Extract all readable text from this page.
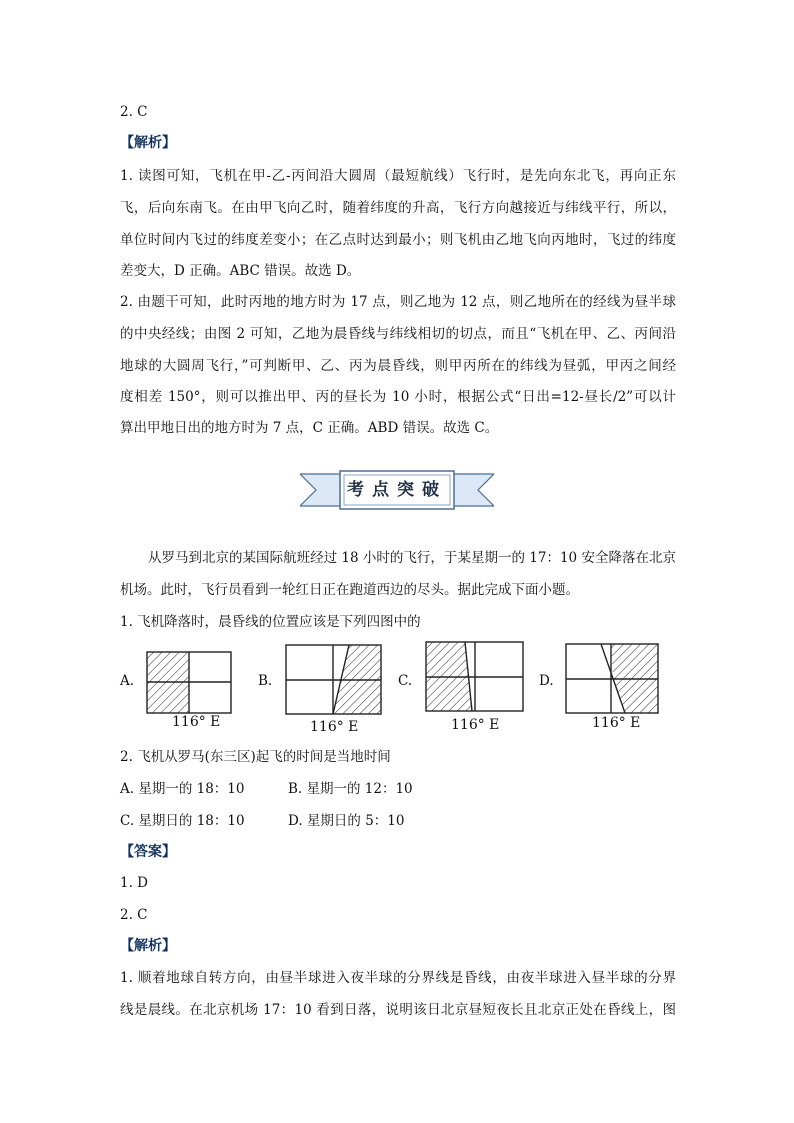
2. C

【解析】

1. 读图可知，飞机在甲-乙-丙间沿大圆周（最短航线）飞行时，是先向东北飞，再向正东

飞，后向东南飞。在由甲飞向乙时，随着纬度的升高，飞行方向越接近与纬线平行，所以，

单位时间内飞过的纬度差变小；在乙点时达到最小；则飞机由乙地飞向丙地时，飞过的纬度

差变大，D 正确。ABC 错误。故选 D。

2. 由题干可知，此时丙地的地方时为 17 点，则乙地为 12 点，则乙地所在的经线为昼半球

的中央经线；由图 2 可知，乙地为晨昏线与纬线相切的切点，而且“飞机在甲、乙、丙间沿

地球的大圆周飞行，”可判断甲、乙、丙为晨昏线，则甲丙所在的纬线为昼弧，甲丙之间经

度相差 150°，则可以推出甲、丙的昼长为 10 小时，根据公式“日出=12-昼长/2”可以计

算出甲地日出的地方时为 7 点，C 正确。ABD 错误。故选 C。

考点突破

从罗马到北京的某国际航班经过 18 小时的飞行，于某星期一的 17：10 安全降落在北京

机场。此时，飞行员看到一轮红日正在跑道西边的尽头。据此完成下面小题。

1. 飞机降落时，晨昏线的位置应该是下列四图中的

A.
116° E
B.
116° E
C.
116° E
D.
116° E

2. 飞机从罗马(东三区)起飞的时间是当地时间

A. 星期一的 18：10	B. 星期一的 12：10
C. 星期日的 18：10	D. 星期日的 5：10

【答案】

1. D

2. C

【解析】

1. 顺着地球自转方向，由昼半球进入夜半球的分界线是昏线，由夜半球进入昼半球的分界

线是晨线。在北京机场 17：10 看到日落，说明该日北京昼短夜长且北京正处在昏线上，图
